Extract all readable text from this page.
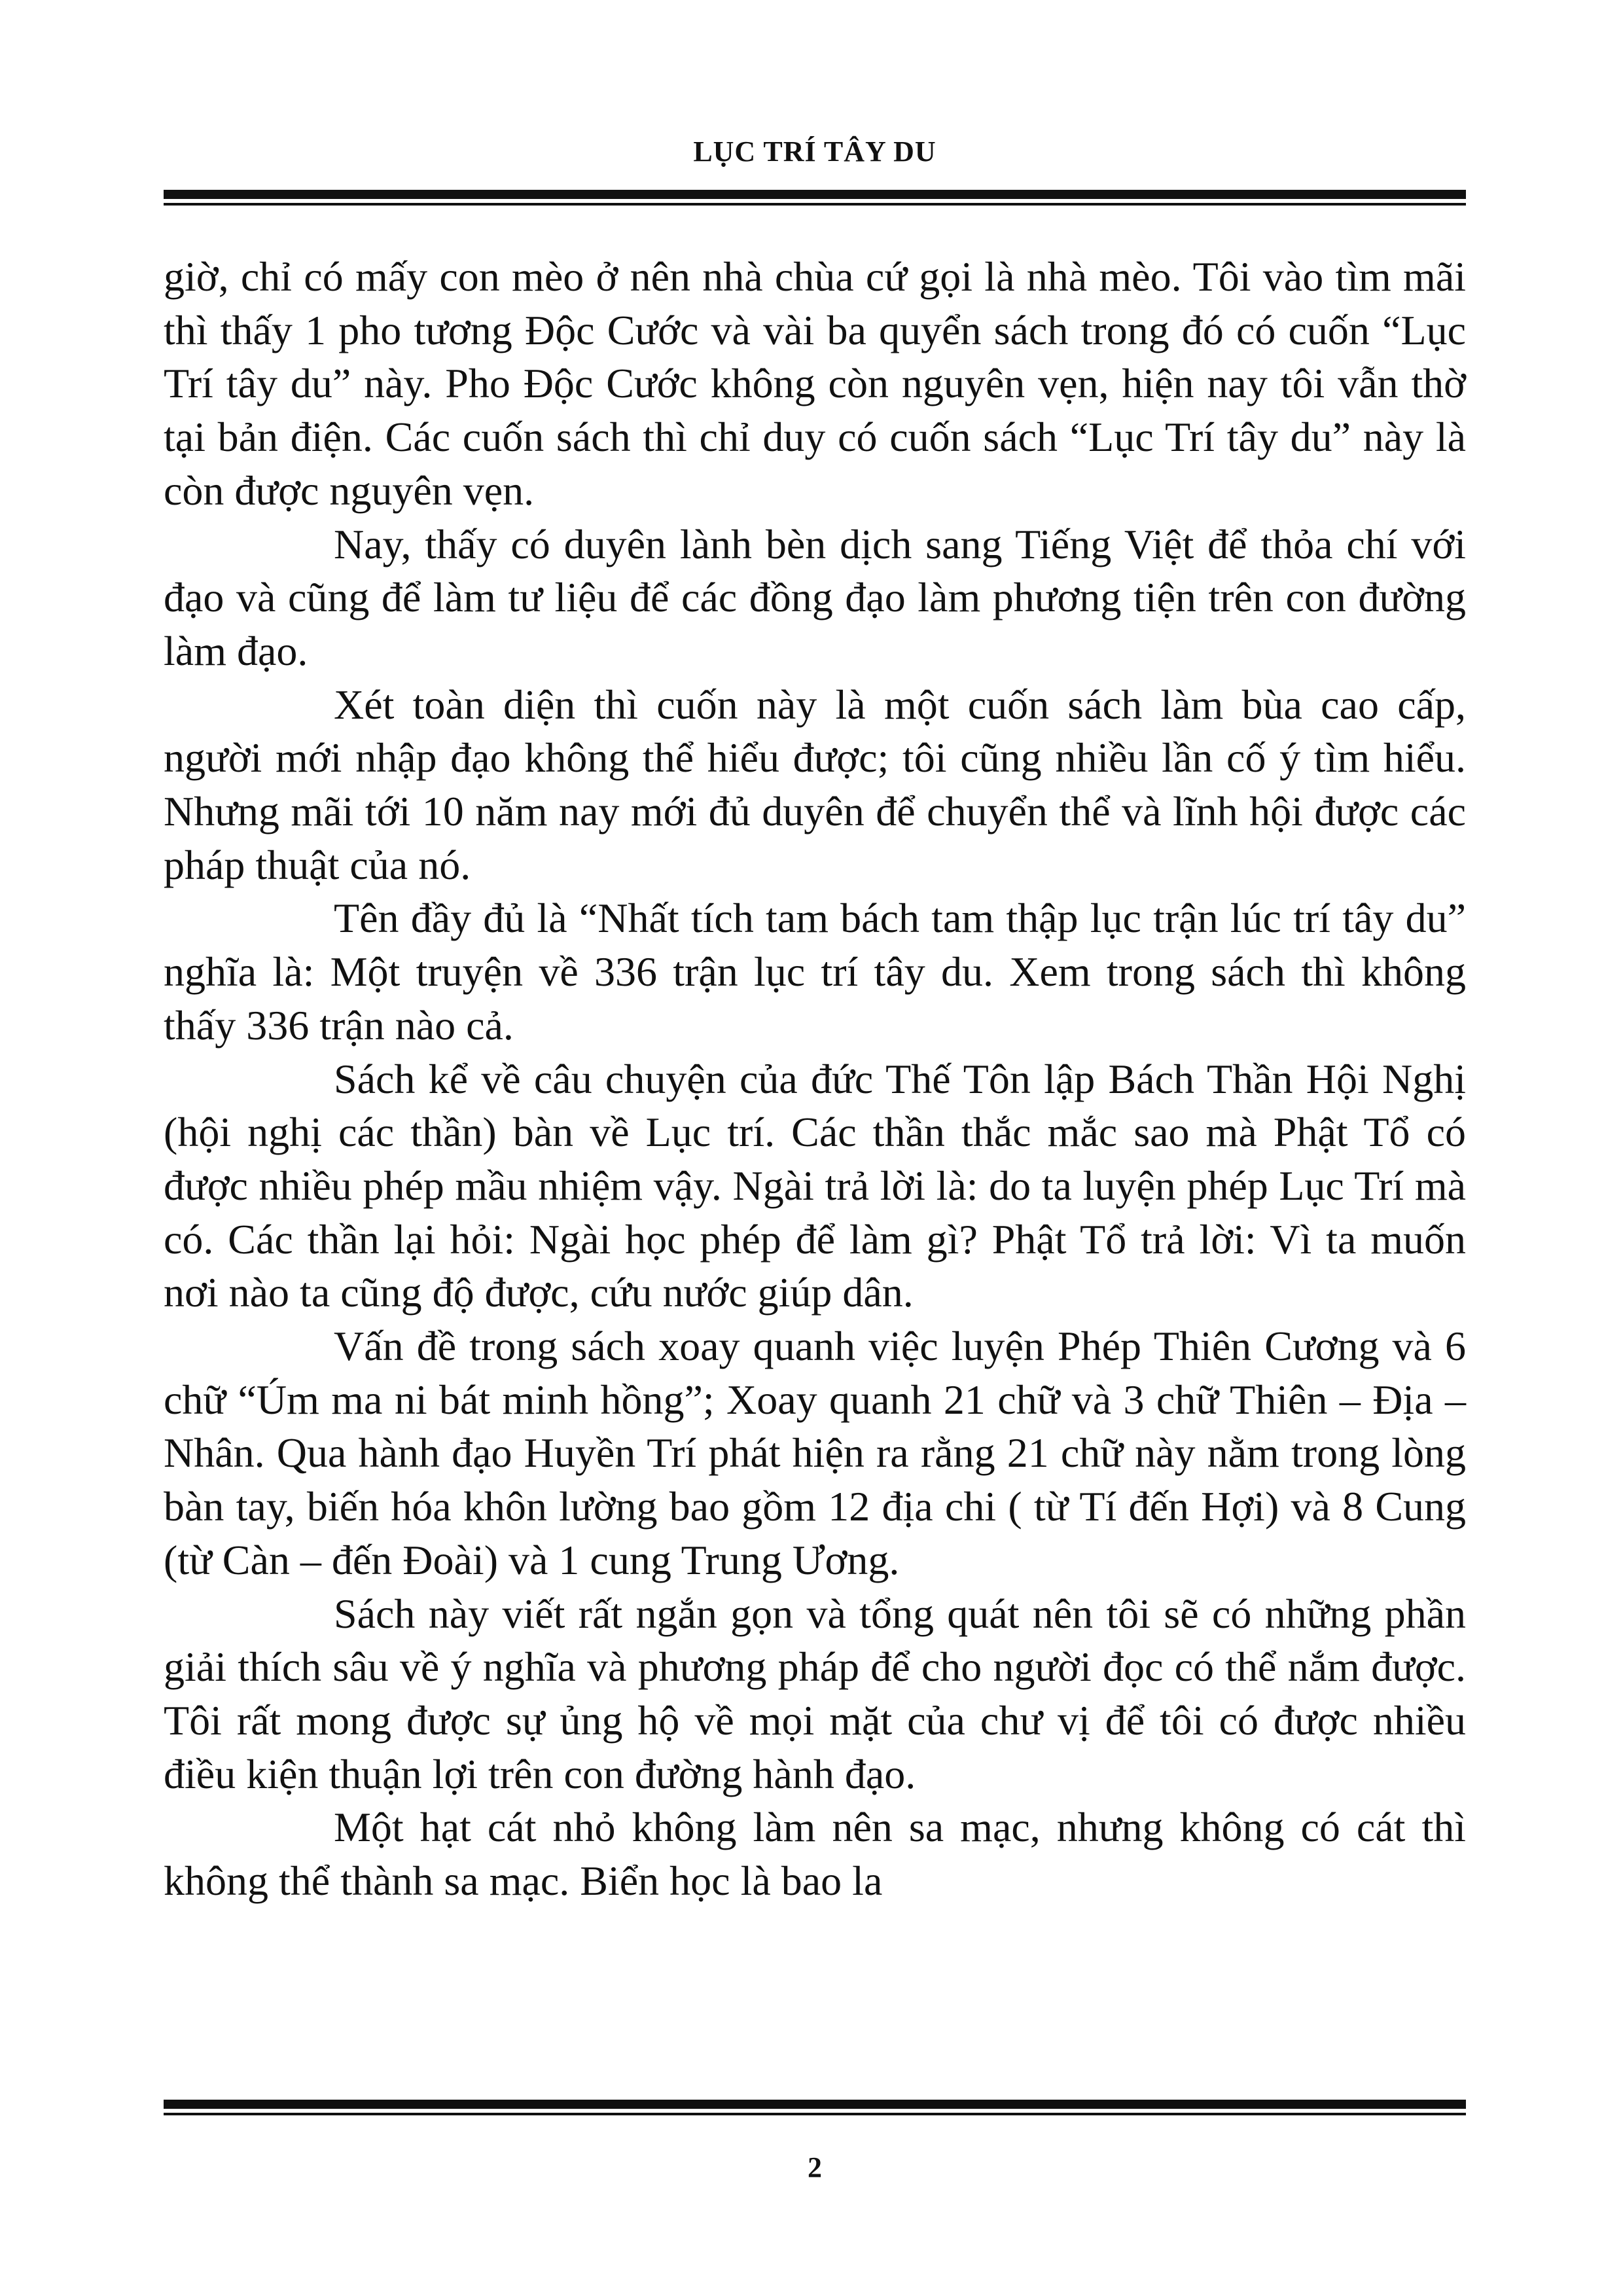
LỤC TRÍ TÂY DU

giờ, chỉ có mấy con mèo ở nên nhà chùa cứ gọi là nhà mèo. Tôi vào tìm mãi thì thấy 1 pho tương Độc Cước và vài ba quyển sách trong đó có cuốn “Lục Trí tây du” này. Pho Độc Cước không còn nguyên vẹn, hiện nay tôi vẫn thờ tại bản điện. Các cuốn sách thì chỉ duy có cuốn sách “Lục Trí tây du” này là còn được nguyên vẹn.

Nay, thấy có duyên lành bèn dịch sang Tiếng Việt để thỏa chí với đạo và cũng để làm tư liệu để các đồng đạo làm phương tiện trên con đường làm đạo.

Xét toàn diện thì cuốn này là một cuốn sách làm bùa cao cấp, người mới nhập đạo không thể hiểu được; tôi cũng nhiều lần cố ý tìm hiểu. Nhưng mãi tới 10 năm nay mới đủ duyên để chuyển thể và lĩnh hội được các pháp thuật của nó.

Tên đầy đủ là “Nhất tích tam bách tam thập lục trận lúc trí tây du” nghĩa là: Một truyện về 336 trận lục trí tây du. Xem trong sách thì không thấy 336 trận nào cả.

Sách kể về câu chuyện của đức Thế Tôn lập Bách Thần Hội Nghị (hội nghị các thần) bàn về Lục trí. Các thần thắc mắc sao mà Phật Tổ có được nhiều phép mầu nhiệm vậy. Ngài trả lời là: do ta luyện phép Lục Trí mà có. Các thần lại hỏi: Ngài học phép để làm gì? Phật Tổ trả lời: Vì ta muốn nơi nào ta cũng độ được, cứu nước giúp dân.

Vấn đề trong sách xoay quanh việc luyện Phép Thiên Cương và 6 chữ “Úm ma ni bát minh hồng”; Xoay quanh 21 chữ và 3 chữ Thiên – Địa – Nhân. Qua hành đạo Huyền Trí phát hiện ra rằng 21 chữ này nằm trong lòng bàn tay, biến hóa khôn lường bao gồm 12 địa chi ( từ Tí đến Hợi) và 8 Cung (từ Càn – đến Đoài) và 1 cung Trung Ương.

Sách này viết rất ngắn gọn và tổng quát nên tôi sẽ có những phần giải thích sâu về ý nghĩa và phương pháp để cho người đọc có thể nắm được. Tôi rất mong được sự ủng hộ về mọi mặt của chư vị để tôi có được nhiều điều kiện thuận lợi trên con đường hành đạo.

Một hạt cát nhỏ không làm nên sa mạc, nhưng không có cát thì không thể thành sa mạc. Biển học là bao la

2
